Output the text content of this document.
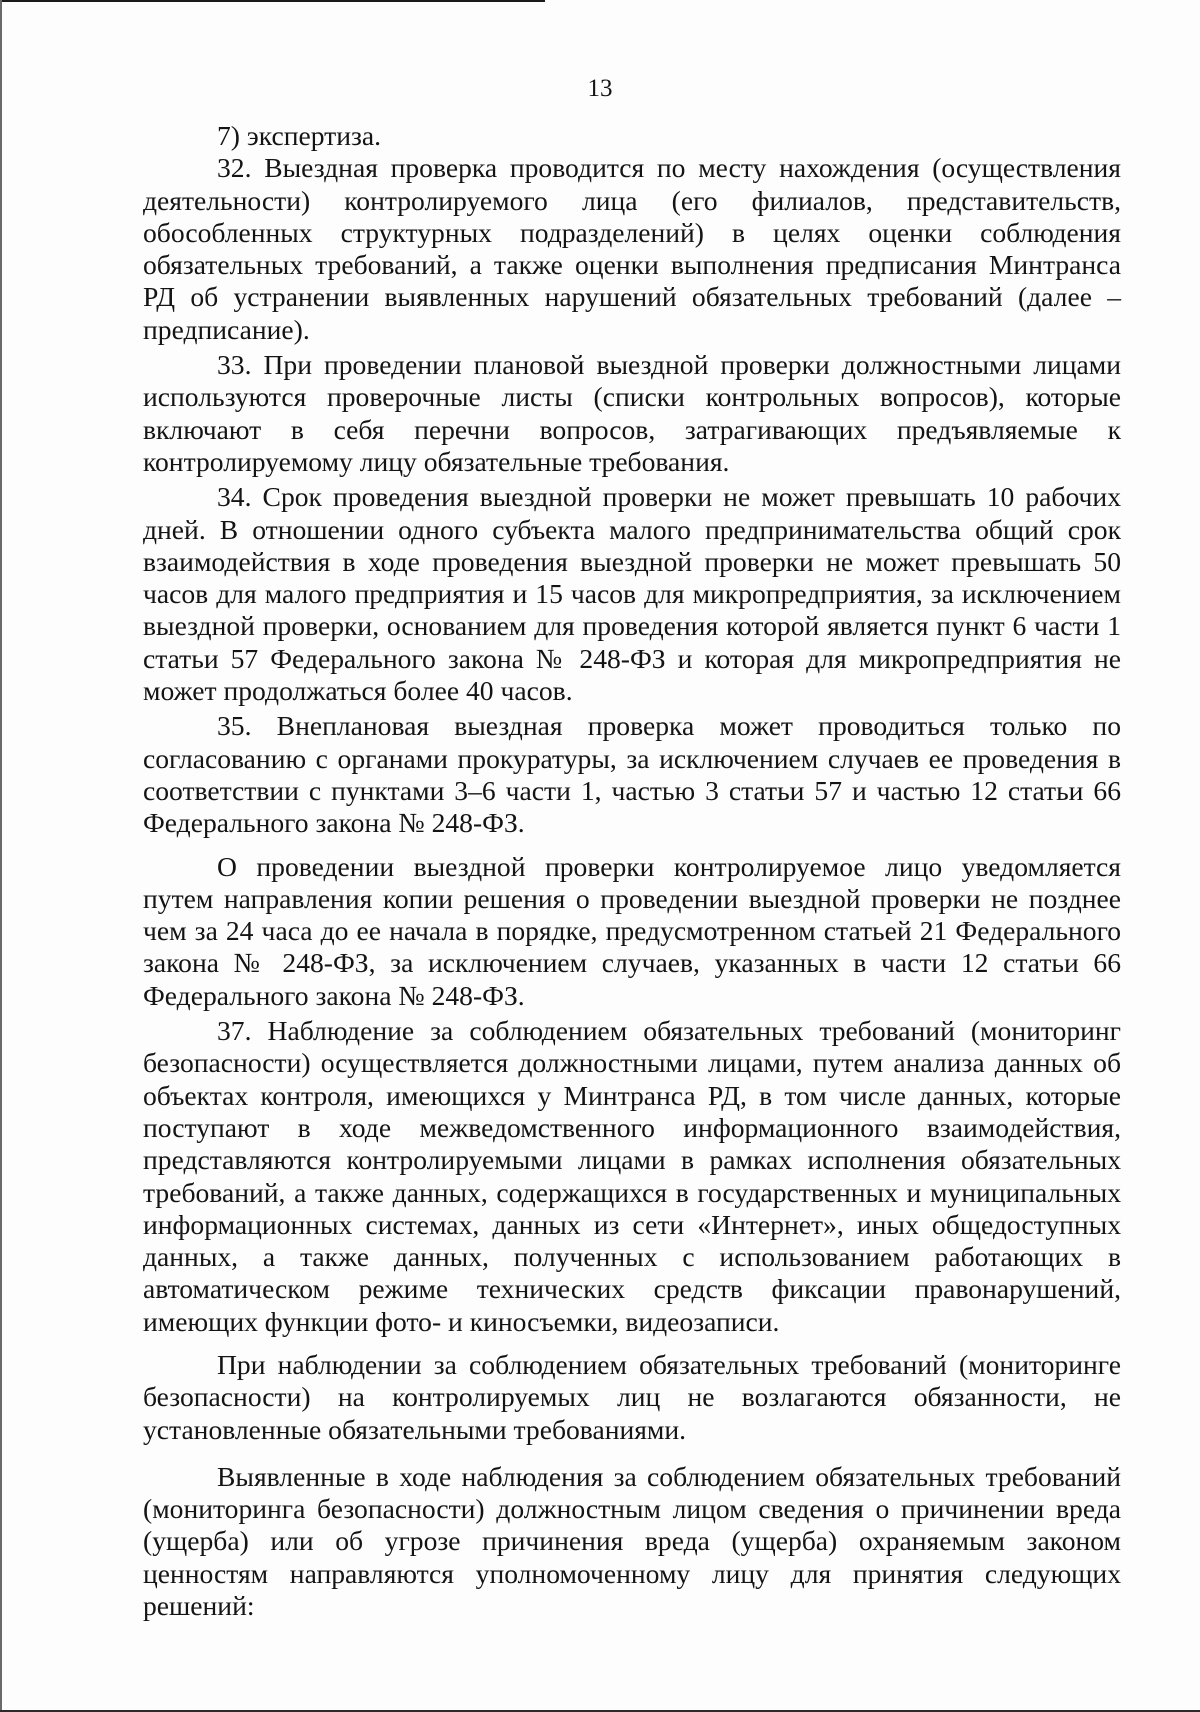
13

7) экспертиза.

32. Выездная проверка проводится по месту нахождения (осуществления деятельности) контролируемого лица (его филиалов, представительств, обособленных структурных подразделений) в целях оценки соблюдения обязательных требований, а также оценки выполнения предписания Минтранса РД об устранении выявленных нарушений обязательных требований (далее – предписание).

33. При проведении плановой выездной проверки должностными лицами используются проверочные листы (списки контрольных вопросов), которые включают в себя перечни вопросов, затрагивающих предъявляемые к контролируемому лицу обязательные требования.

34. Срок проведения выездной проверки не может превышать 10 рабочих дней. В отношении одного субъекта малого предпринимательства общий срок взаимодействия в ходе проведения выездной проверки не может превышать 50 часов для малого предприятия и 15 часов для микропредприятия, за исключением выездной проверки, основанием для проведения которой является пункт 6 части 1 статьи 57 Федерального закона № 248-ФЗ и которая для микропредприятия не может продолжаться более 40 часов.

35. Внеплановая выездная проверка может проводиться только по согласованию с органами прокуратуры, за исключением случаев ее проведения в соответствии с пунктами 3–6 части 1, частью 3 статьи 57 и частью 12 статьи 66 Федерального закона № 248-ФЗ.

О проведении выездной проверки контролируемое лицо уведомляется путем направления копии решения о проведении выездной проверки не позднее чем за 24 часа до ее начала в порядке, предусмотренном статьей 21 Федерального закона № 248-ФЗ, за исключением случаев, указанных в части 12 статьи 66 Федерального закона № 248-ФЗ.

37. Наблюдение за соблюдением обязательных требований (мониторинг безопасности) осуществляется должностными лицами, путем анализа данных об объектах контроля, имеющихся у Минтранса РД, в том числе данных, которые поступают в ходе межведомственного информационного взаимодействия, представляются контролируемыми лицами в рамках исполнения обязательных требований, а также данных, содержащихся в государственных и муниципальных информационных системах, данных из сети «Интернет», иных общедоступных данных, а также данных, полученных с использованием работающих в автоматическом режиме технических средств фиксации правонарушений, имеющих функции фото- и киносъемки, видеозаписи.

При наблюдении за соблюдением обязательных требований (мониторинге безопасности) на контролируемых лиц не возлагаются обязанности, не установленные обязательными требованиями.

Выявленные в ходе наблюдения за соблюдением обязательных требований (мониторинга безопасности) должностным лицом сведения о причинении вреда (ущерба) или об угрозе причинения вреда (ущерба) охраняемым законом ценностям направляются уполномоченному лицу для принятия следующих решений:
